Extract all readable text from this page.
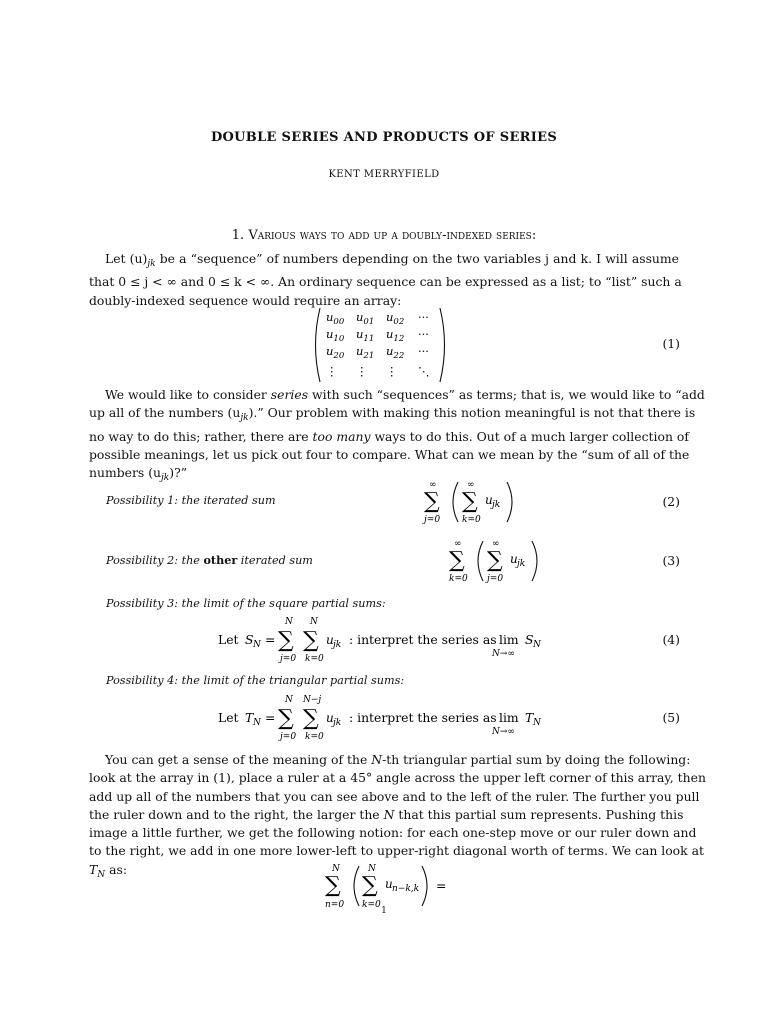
DOUBLE SERIES AND PRODUCTS OF SERIES
KENT MERRYFIELD
1. Various ways to add up a doubly-indexed series:
Let $(u)_{jk}$ be a “sequence” of numbers depending on the two variables j and k. I will assume
that 0 ≤ j < ∞ and 0 ≤ k < ∞. An ordinary sequence can be expressed as a list; to “list” such a
doubly-indexed sequence would require an array:
$u_{00}$ $u_{01}$ $u_{02}$ ···
$u_{10}$ $u_{11}$ $u_{12}$ ···
$u_{20}$ $u_{21}$ $u_{22}$ ···
⋮ ⋮ ⋮ ⋱
(1)
We would like to consider series with such “sequences” as terms; that is, we would like to “add
up all of the numbers $(u_{jk})$.” Our problem with making this notion meaningful is not that there is
no way to do this; rather, there are too many ways to do this. Out of a much larger collection of
possible meanings, let us pick out four to compare. What can we mean by the “sum of all of the
numbers $(u_{jk})$?”
Possibility 1: the iterated sum
∞
∑
j=0
∞
∑
k=0
u jk	(2)
Possibility 2: the other iterated sum
∞
∑
k=0
∞
∑
j=0
u jk	(3)
Possibility 3: the limit of the square partial sums:
Let S N =
N
∑
j=0
N
∑
k=0
u jk : interpret the series as lim
N→∞
S N	(4)
Possibility 4: the limit of the triangular partial sums:
Let T N =
N
∑
j=0
N−j
∑
k=0
u jk : interpret the series as lim
N→∞
T N	(5)
You can get a sense of the meaning of the N-th triangular partial sum by doing the following:
look at the array in (1), place a ruler at a 45° angle across the upper left corner of this array, then
add up all of the numbers that you can see above and to the left of the ruler. The further you pull
the ruler down and to the right, the larger the N that this partial sum represents. Pushing this
image a little further, we get the following notion: for each one-step move or our ruler down and
to the right, we add in one more lower-left to upper-right diagonal worth of terms. We can look at
$T_N$ as:	N
∑
n=0
N
∑
k=0
u n−k,k =
1
